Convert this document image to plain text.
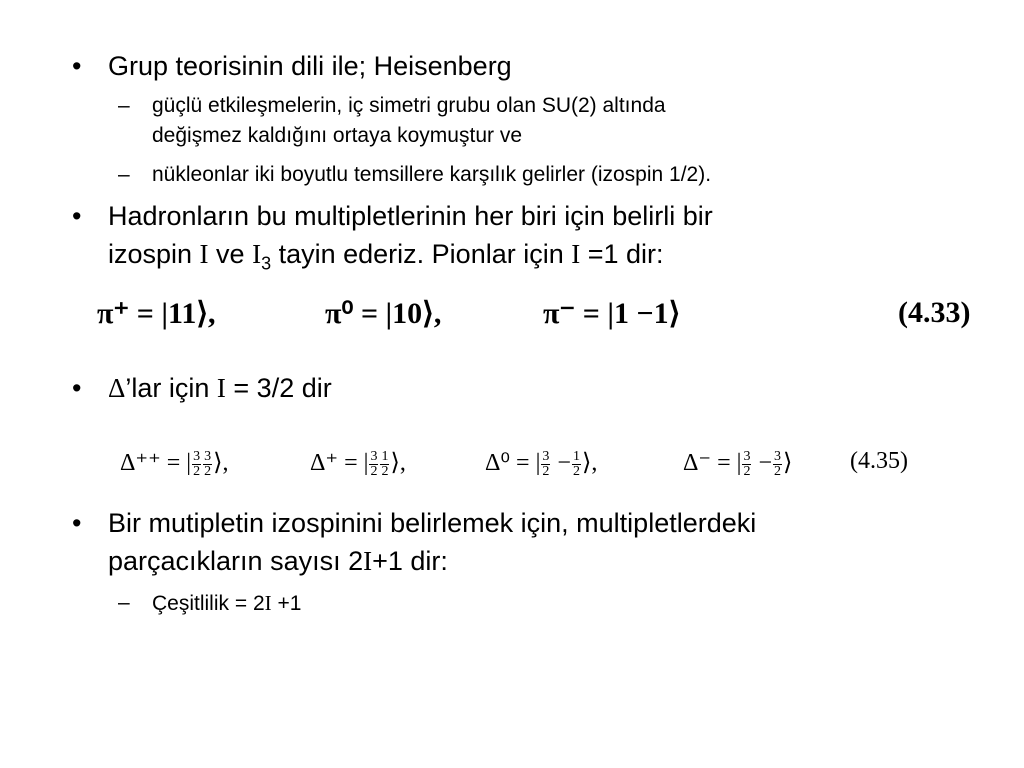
• Grup teorisinin dili ile; Heisenberg
– güçlü etkileşmelerin, iç simetri grubu olan SU(2) altında
değişmez kaldığını ortaya koymuştur ve
– nükleonlar iki boyutlu temsillere karşılık gelirler (izospin 1/2).
• Hadronların bu multipletlerinin her biri için belirli bir
izospin I ve $I_3$ tayin ederiz. Pionlar için I =1 dir:
π⁺ = |11⟩,	π⁰ = |10⟩,	π⁻ = |1 −1⟩	(4.33)
• Δ’lar için I = 3/2 dir
Δ⁺⁺ = | $\frac{3}{2} \frac{3}{2}$ ⟩,	Δ⁺ = | $\frac{3}{2} \frac{1}{2}$ ⟩,	Δ⁰ = | $\frac{3}{2} - \frac{1}{2}$ ⟩,	Δ⁻ = | $\frac{3}{2} - \frac{3}{2}$ ⟩ (4.35)
• Bir mutipletin izospinini belirlemek için, multipletlerdeki
parçacıkların sayısı 2I+1 dir:
– Çeşitlilik = 2I +1
